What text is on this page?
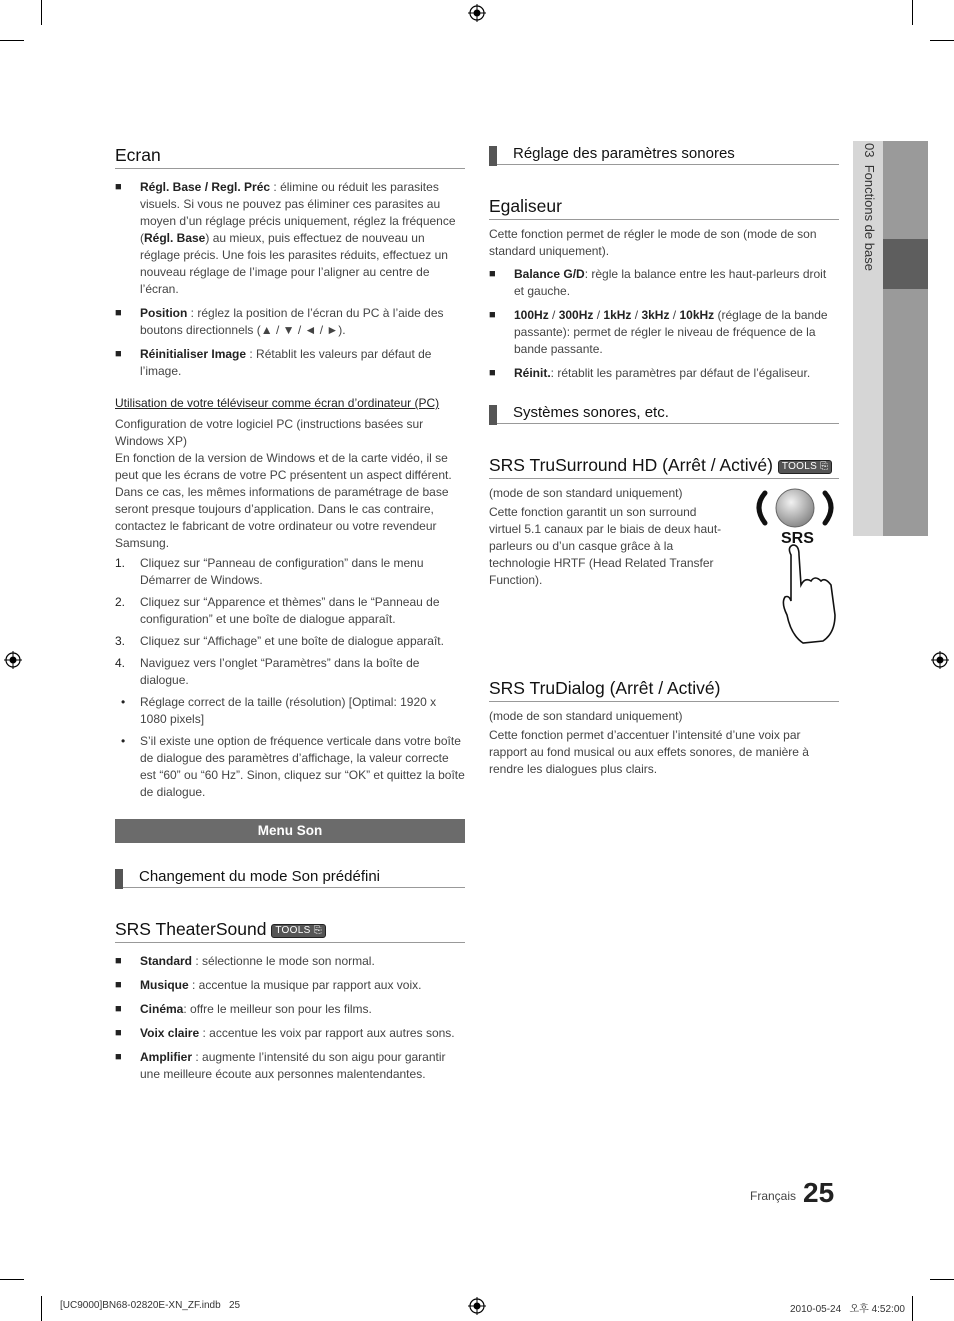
03  Fonctions de base
Ecran
■ Régl. Base / Regl. Préc : élimine ou réduit les parasites visuels. Si vous ne pouvez pas éliminer ces parasites au moyen d’un réglage précis uniquement, réglez la fréquence (Régl. Base) au mieux, puis effectuez de nouveau un réglage précis. Une fois les parasites réduits, effectuez un nouveau réglage de l’image pour l’aligner au centre de l’écran.
■ Position : réglez la position de l’écran du PC à l’aide des boutons directionnels (▲ / ▼ / ◄ / ►).
■ Réinitialiser Image : Rétablit les valeurs par défaut de l’image.
Utilisation de votre téléviseur comme écran d’ordinateur (PC)
Configuration de votre logiciel PC (instructions basées sur Windows XP)
En fonction de la version de Windows et de la carte vidéo, il se peut que les écrans de votre PC présentent un aspect différent. Dans ce cas, les mêmes informations de paramétrage de base seront presque toujours d’application. Dans le cas contraire, contactez le fabricant de votre ordinateur ou votre revendeur Samsung.
1. Cliquez sur “Panneau de configuration” dans le menu Démarrer de Windows.
2. Cliquez sur “Apparence et thèmes” dans le “Panneau de configuration” et une boîte de dialogue apparaît.
3. Cliquez sur “Affichage” et une boîte de dialogue apparaît.
4. Naviguez vers l’onglet “Paramètres” dans la boîte de dialogue.
• Réglage correct de la taille (résolution) [Optimal: 1920 x 1080 pixels]
• S’il existe une option de fréquence verticale dans votre boîte de dialogue des paramètres d’affichage, la valeur correcte est “60” ou “60 Hz”. Sinon, cliquez sur “OK” et quittez la boîte de dialogue.
Menu Son
Changement du mode Son prédéfini
SRS TheaterSound TOOLS ⎘
■ Standard : sélectionne le mode son normal.
■ Musique : accentue la musique par rapport aux voix.
■ Cinéma: offre le meilleur son pour les films.
■ Voix claire : accentue les voix par rapport aux autres sons.
■ Amplifier : augmente l’intensité du son aigu pour garantir une meilleure écoute aux personnes malentendantes.
Réglage des paramètres sonores
Egaliseur
Cette fonction permet de régler le mode de son (mode de son standard uniquement).
■ Balance G/D: règle la balance entre les haut-parleurs droit et gauche.
■ 100Hz / 300Hz / 1kHz / 3kHz / 10kHz (réglage de la bande passante): permet de régler le niveau de fréquence de la bande passante.
■ Réinit.: rétablit les paramètres par défaut de l’égaliseur.
Systèmes sonores, etc.
SRS TruSurround HD (Arrêt / Activé) TOOLS ⎘
(mode de son standard uniquement)
Cette fonction garantit un son surround virtuel 5.1 canaux par le biais de deux haut-parleurs ou d’un casque grâce à la technologie HRTF (Head Related Transfer Function).
SRS
SRS TruDialog (Arrêt / Activé)
(mode de son standard uniquement)
Cette fonction permet d’accentuer l’intensité d’une voix par rapport au fond musical ou aux effets sonores, de manière à rendre les dialogues plus clairs.
Français 25
[UC9000]BN68-02820E-XN_ZF.indb   25	2010-05-24   오후 4:52:00
